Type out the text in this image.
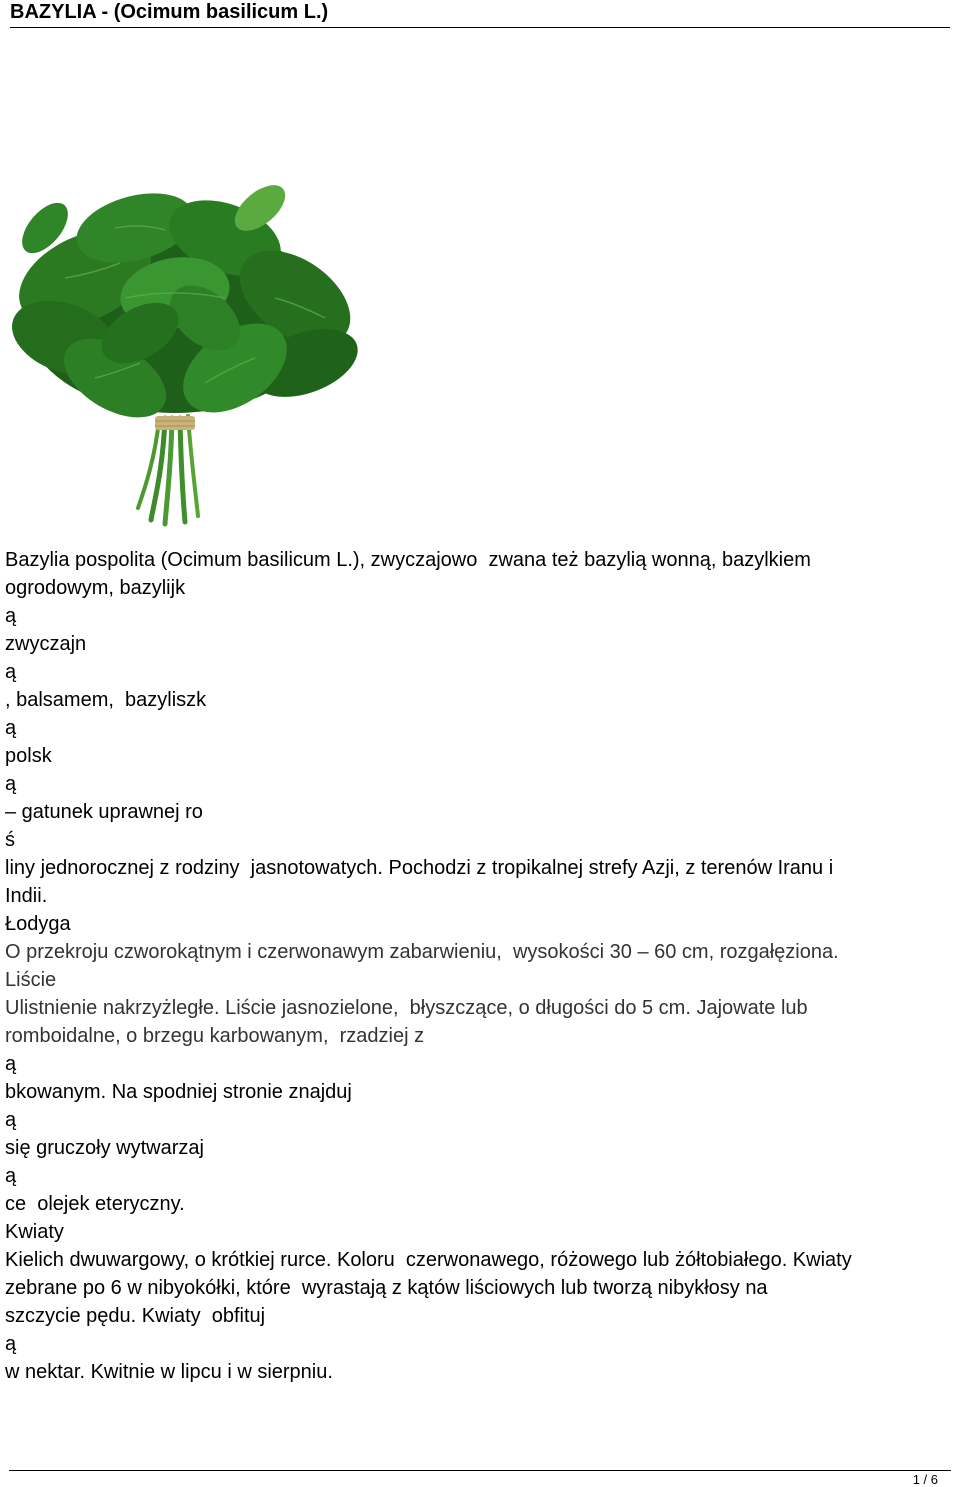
BAZYLIA - (Ocimum basilicum L.)
Bazylia pospolita (Ocimum basilicum L.), zwyczajowo  zwana też bazylią wonną, bazylkiem
ogrodowym, bazylijk
ą
zwyczajn
ą
, balsamem,  bazyliszk
ą
polsk
ą
– gatunek uprawnej ro
ś
liny jednorocznej z rodziny  jasnotowatych. Pochodzi z tropikalnej strefy Azji, z terenów Iranu i
Indii.
Łodyga
O przekroju czworokątnym i czerwonawym zabarwieniu,  wysokości 30 – 60 cm, rozgałęziona.
Liście
Ulistnienie nakrzyżległe. Liście jasnozielone,  błyszczące, o długości do 5 cm. Jajowate lub
romboidalne, o brzegu karbowanym,  rzadziej z
ą
bkowanym. Na spodniej stronie znajduj
ą
się gruczoły wytwarzaj
ą
ce  olejek eteryczny.
Kwiaty
Kielich dwuwargowy, o krótkiej rurce. Koloru  czerwonawego, różowego lub żółtobiałego. Kwiaty
zebrane po 6 w nibyokółki, które  wyrastają z kątów liściowych lub tworzą nibykłosy na
szczycie pędu. Kwiaty  obfituj
ą
w nektar. Kwitnie w lipcu i w sierpniu.
1 / 6
